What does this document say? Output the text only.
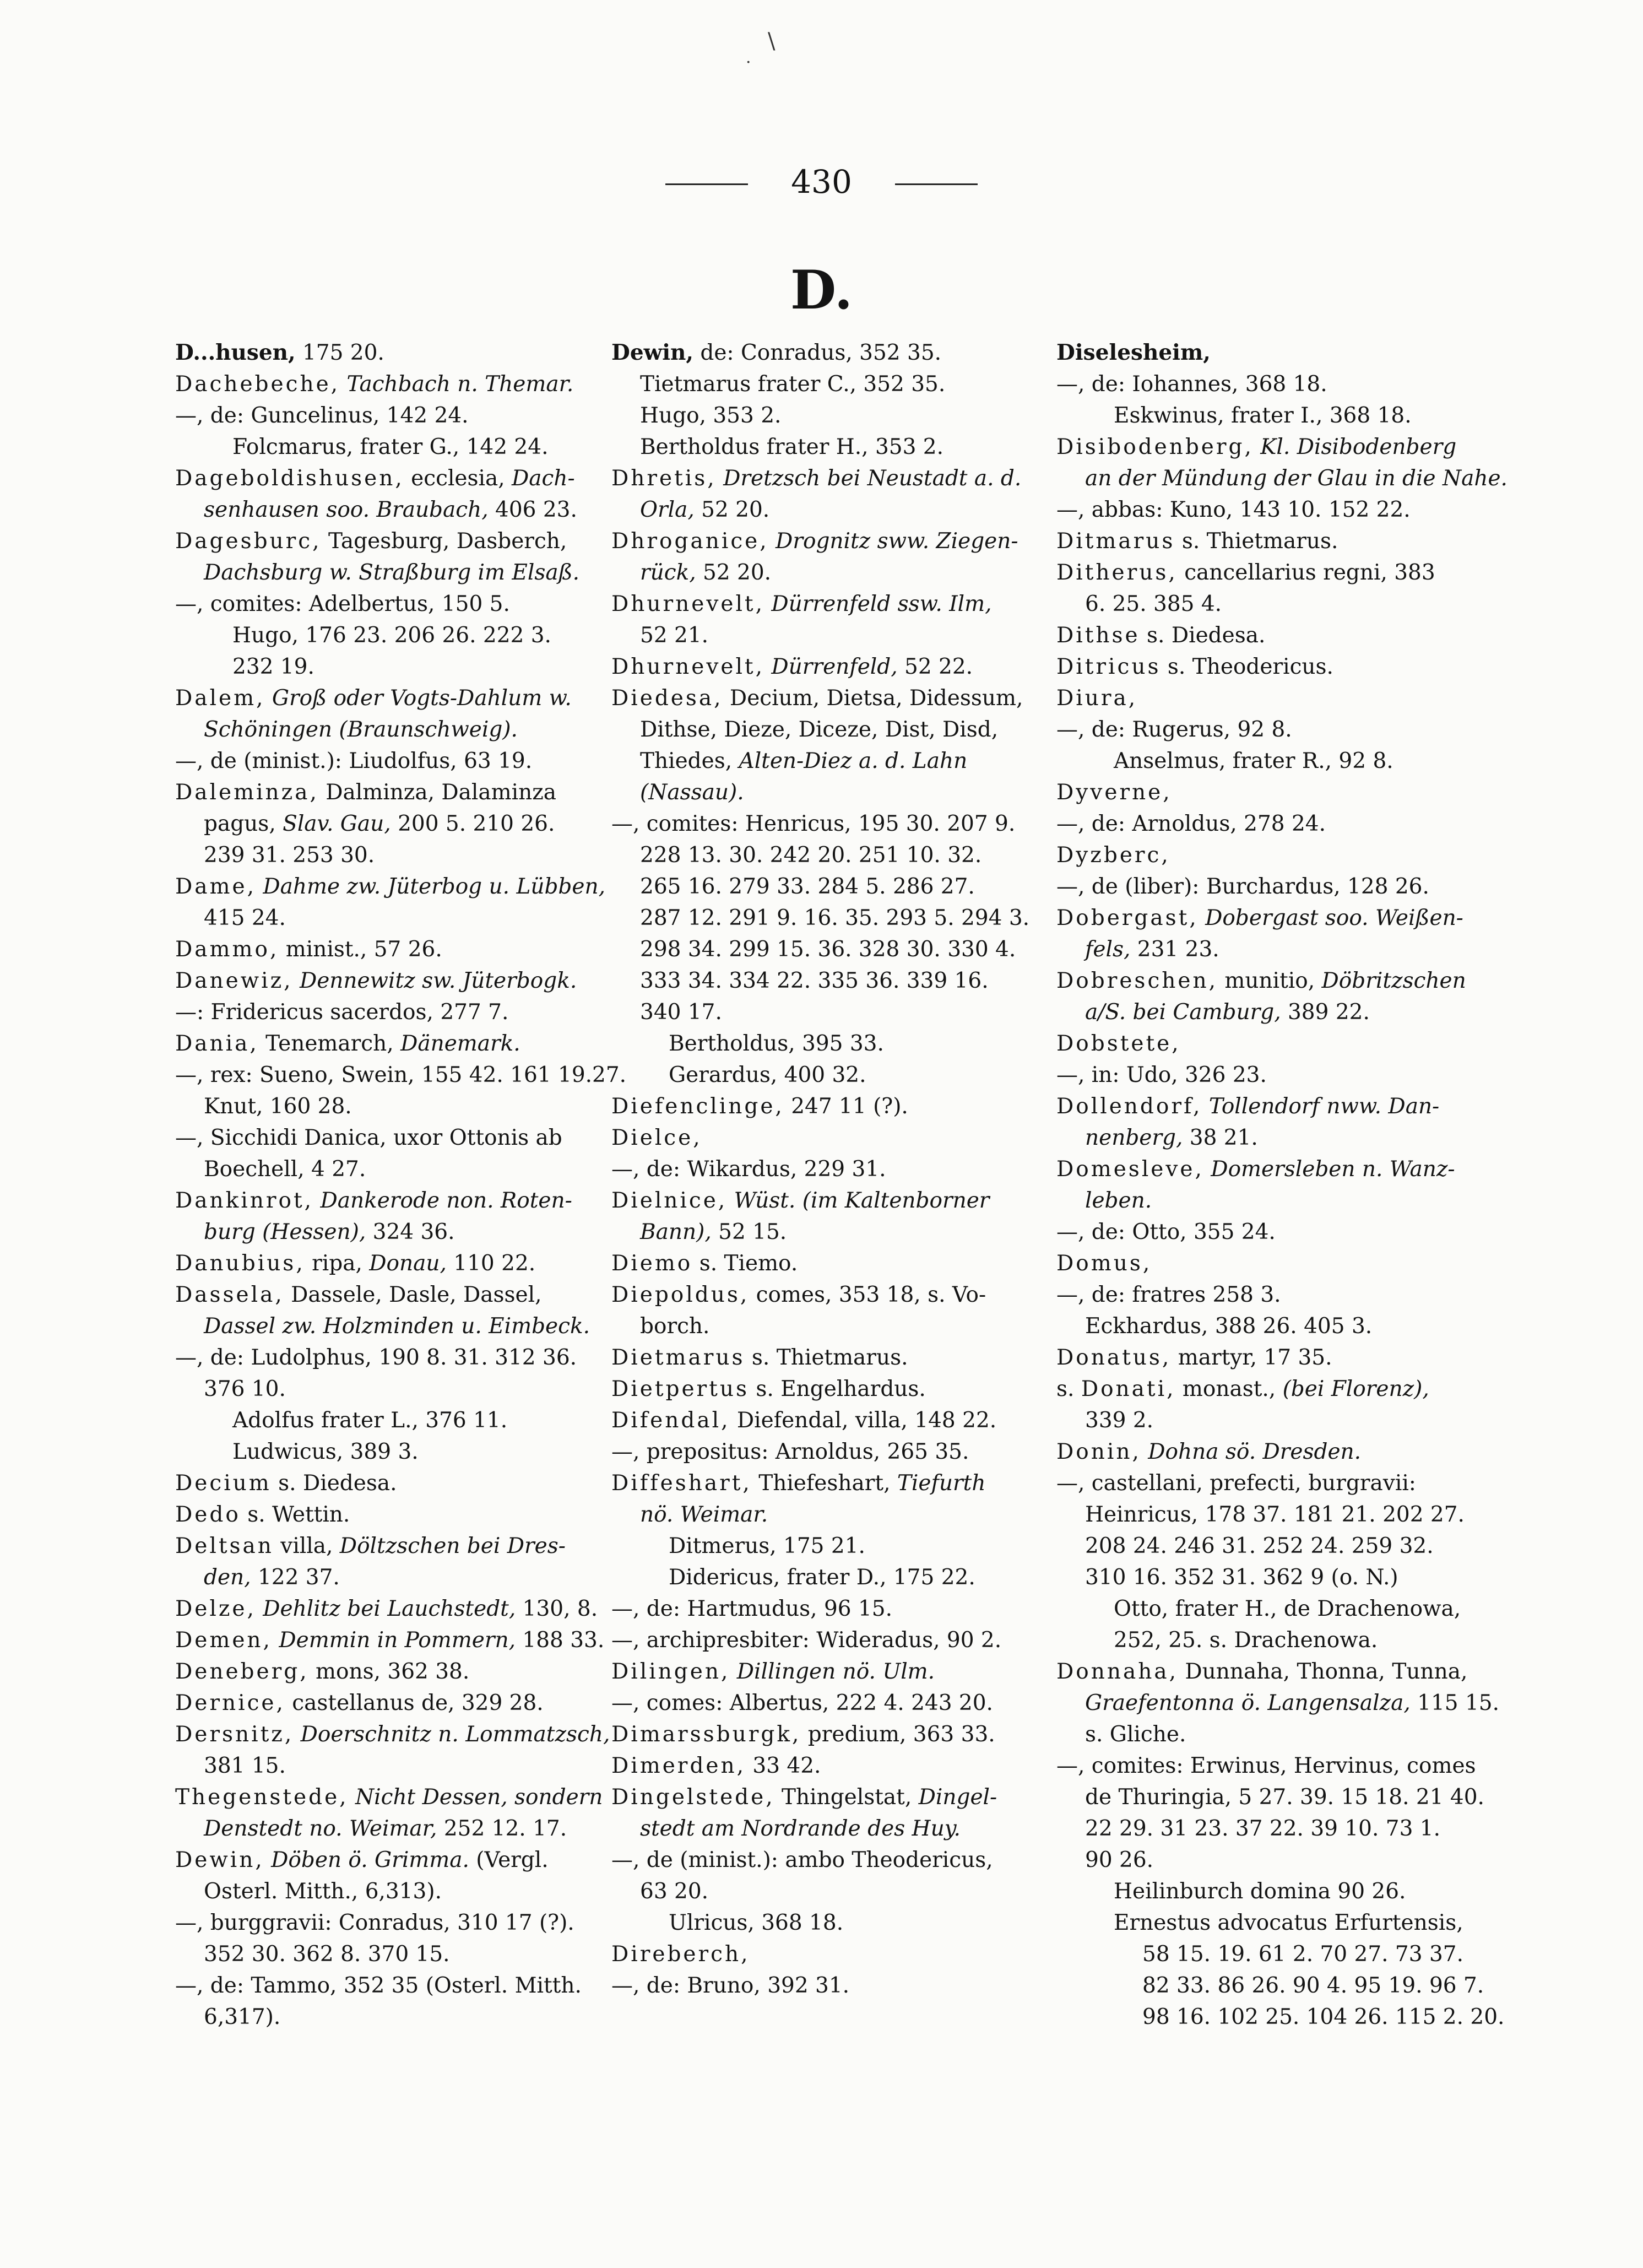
\
·
430
D.
D...husen, 175 20.
Dachebeche, Tachbach n. Themar.
—, de: Guncelinus, 142 24.
Folcmarus, frater G., 142 24.
Dageboldishusen, ecclesia, Dach-
senhausen soo. Braubach, 406 23.
Dagesburc, Tagesburg, Dasberch,
Dachsburg w. Straßburg im Elsaß.
—, comites: Adelbertus, 150 5.
Hugo, 176 23. 206 26. 222 3.
232 19.
Dalem, Groß oder Vogts-Dahlum w.
Schöningen (Braunschweig).
—, de (minist.): Liudolfus, 63 19.
Daleminza, Dalminza, Dalaminza
pagus, Slav. Gau, 200 5. 210 26.
239 31. 253 30.
Dame, Dahme zw. Jüterbog u. Lübben,
415 24.
Dammo, minist., 57 26.
Danewiz, Dennewitz sw. Jüterbogk.
—: Fridericus sacerdos, 277 7.
Dania, Tenemarch, Dänemark.
—, rex: Sueno, Swein, 155 42. 161 19.27.
Knut, 160 28.
—, Sicchidi Danica, uxor Ottonis ab
Boechell, 4 27.
Dankinrot, Dankerode non. Roten-
burg (Hessen), 324 36.
Danubius, ripa, Donau, 110 22.
Dassela, Dassele, Dasle, Dassel,
Dassel zw. Holzminden u. Eimbeck.
—, de: Ludolphus, 190 8. 31. 312 36.
376 10.
Adolfus frater L., 376 11.
Ludwicus, 389 3.
Decium s. Diedesa.
Dedo s. Wettin.
Deltsan villa, Döltzschen bei Dres-
den, 122 37.
Delze, Dehlitz bei Lauchstedt, 130, 8.
Demen, Demmin in Pommern, 188 33.
Deneberg, mons, 362 38.
Dernice, castellanus de, 329 28.
Dersnitz, Doerschnitz n. Lommatzsch,
381 15.
Thegenstede, Nicht Dessen, sondern
Denstedt no. Weimar, 252 12. 17.
Dewin, Döben ö. Grimma. (Vergl.
Osterl. Mitth., 6,313).
—, burggravii: Conradus, 310 17 (?).
352 30. 362 8. 370 15.
—, de: Tammo, 352 35 (Osterl. Mitth.
6,317).
Dewin, de: Conradus, 352 35.
Tietmarus frater C., 352 35.
Hugo, 353 2.
Bertholdus frater H., 353 2.
Dhretis, Dretzsch bei Neustadt a. d.
Orla, 52 20.
Dhroganice, Drognitz sww. Ziegen-
rück, 52 20.
Dhurnevelt, Dürrenfeld ssw. Ilm,
52 21.
Dhurnevelt, Dürrenfeld, 52 22.
Diedesa, Decium, Dietsa, Didessum,
Dithse, Dieze, Diceze, Dist, Disd,
Thiedes, Alten-Diez a. d. Lahn
(Nassau).
—, comites: Henricus, 195 30. 207 9.
228 13. 30. 242 20. 251 10. 32.
265 16. 279 33. 284 5. 286 27.
287 12. 291 9. 16. 35. 293 5. 294 3.
298 34. 299 15. 36. 328 30. 330 4.
333 34. 334 22. 335 36. 339 16.
340 17.
Bertholdus, 395 33.
Gerardus, 400 32.
Diefenclinge, 247 11 (?).
Dielce,
—, de: Wikardus, 229 31.
Dielnice, Wüst. (im Kaltenborner
Bann), 52 15.
Diemo s. Tiemo.
Diepoldus, comes, 353 18, s. Vo-
borch.
Dietmarus s. Thietmarus.
Dietpertus s. Engelhardus.
Difendal, Diefendal, villa, 148 22.
—, prepositus: Arnoldus, 265 35.
Diffeshart, Thiefeshart, Tiefurth
nö. Weimar.
Ditmerus, 175 21.
Didericus, frater D., 175 22.
—, de: Hartmudus, 96 15.
—, archipresbiter: Wideradus, 90 2.
Dilingen, Dillingen nö. Ulm.
—, comes: Albertus, 222 4. 243 20.
Dimarssburgk, predium, 363 33.
Dimerden, 33 42.
Dingelstede, Thingelstat, Dingel-
stedt am Nordrande des Huy.
—, de (minist.): ambo Theodericus,
63 20.
Ulricus, 368 18.
Direberch,
—, de: Bruno, 392 31.
Diselesheim,
—, de: Iohannes, 368 18.
Eskwinus, frater I., 368 18.
Disibodenberg, Kl. Disibodenberg
an der Mündung der Glau in die Nahe.
—, abbas: Kuno, 143 10. 152 22.
Ditmarus s. Thietmarus.
Ditherus, cancellarius regni, 383
6. 25. 385 4.
Dithse s. Diedesa.
Ditricus s. Theodericus.
Diura,
—, de: Rugerus, 92 8.
Anselmus, frater R., 92 8.
Dyverne,
—, de: Arnoldus, 278 24.
Dyzberc,
—, de (liber): Burchardus, 128 26.
Dobergast, Dobergast soo. Weißen-
fels, 231 23.
Dobreschen, munitio, Döbritzschen
a/S. bei Camburg, 389 22.
Dobstete,
—, in: Udo, 326 23.
Dollendorf, Tollendorf nww. Dan-
nenberg, 38 21.
Domesleve, Domersleben n. Wanz-
leben.
—, de: Otto, 355 24.
Domus,
—, de: fratres 258 3.
Eckhardus, 388 26. 405 3.
Donatus, martyr, 17 35.
s. Donati, monast., (bei Florenz),
339 2.
Donin, Dohna sö. Dresden.
—, castellani, prefecti, burgravii:
Heinricus, 178 37. 181 21. 202 27.
208 24. 246 31. 252 24. 259 32.
310 16. 352 31. 362 9 (o. N.)
Otto, frater H., de Drachenowa,
252, 25. s. Drachenowa.
Donnaha, Dunnaha, Thonna, Tunna,
Graefentonna ö. Langensalza, 115 15.
s. Gliche.
—, comites: Erwinus, Hervinus, comes
de Thuringia, 5 27. 39. 15 18. 21 40.
22 29. 31 23. 37 22. 39 10. 73 1.
90 26.
Heilinburch domina 90 26.
Ernestus advocatus Erfurtensis,
58 15. 19. 61 2. 70 27. 73 37.
82 33. 86 26. 90 4. 95 19. 96 7.
98 16. 102 25. 104 26. 115 2. 20.
